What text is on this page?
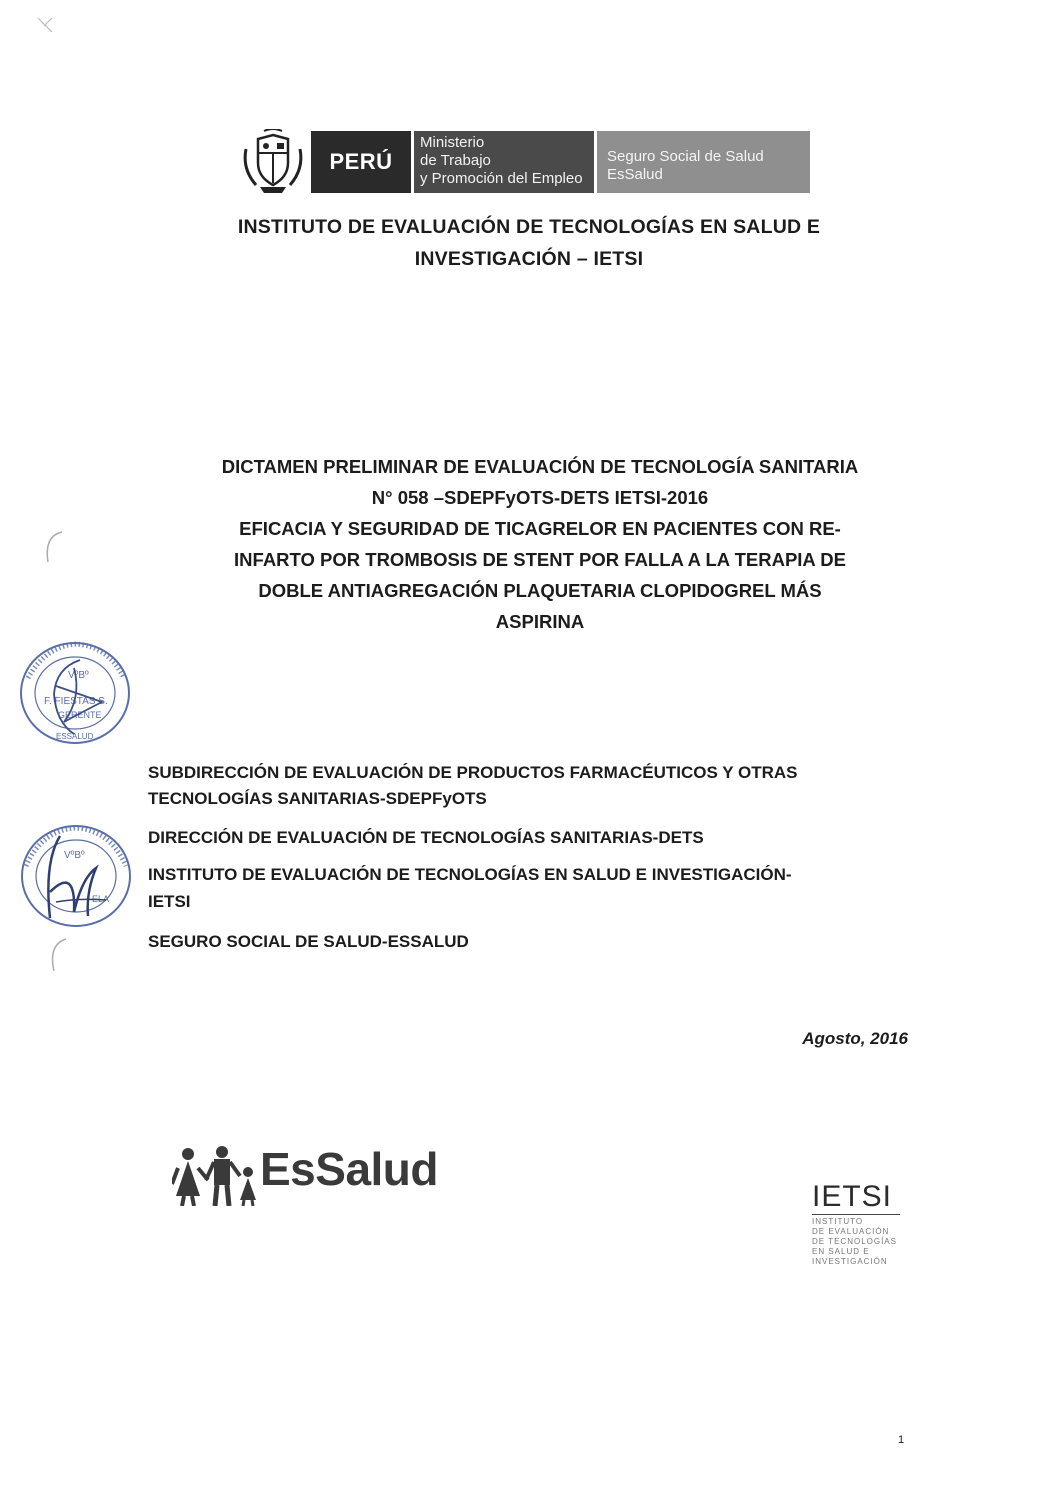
PERÚ
Ministerio
de Trabajo
y Promoción del Empleo
Seguro Social de Salud
EsSalud
INSTITUTO DE EVALUACIÓN DE TECNOLOGÍAS EN SALUD E
INVESTIGACIÓN – IETSI
DICTAMEN PRELIMINAR DE EVALUACIÓN DE TECNOLOGÍA SANITARIA
N° 058 –SDEPFyOTS-DETS IETSI-2016
EFICACIA Y SEGURIDAD DE TICAGRELOR EN PACIENTES CON RE-
INFARTO POR TROMBOSIS DE STENT POR FALLA A LA TERAPIA DE
DOBLE ANTIAGREGACIÓN PLAQUETARIA CLOPIDOGREL MÁS
ASPIRINA
VºBº
F. FIESTAS S.
GERENTE
ESSALUD
SUBDIRECCIÓN DE EVALUACIÓN DE PRODUCTOS FARMACÉUTICOS Y OTRAS
TECNOLOGÍAS SANITARIAS-SDEPFyOTS
DIRECCIÓN DE EVALUACIÓN DE TECNOLOGÍAS SANITARIAS-DETS
INSTITUTO DE EVALUACIÓN DE TECNOLOGÍAS EN SALUD E INVESTIGACIÓN-
IETSI
SEGURO SOCIAL DE SALUD-ESSALUD
VºBº
ELA
Agosto, 2016
EsSalud
IETSI
INSTITUTO
DE EVALUACIÓN
DE TECNOLOGÍAS
EN SALUD E
INVESTIGACIÓN
1
